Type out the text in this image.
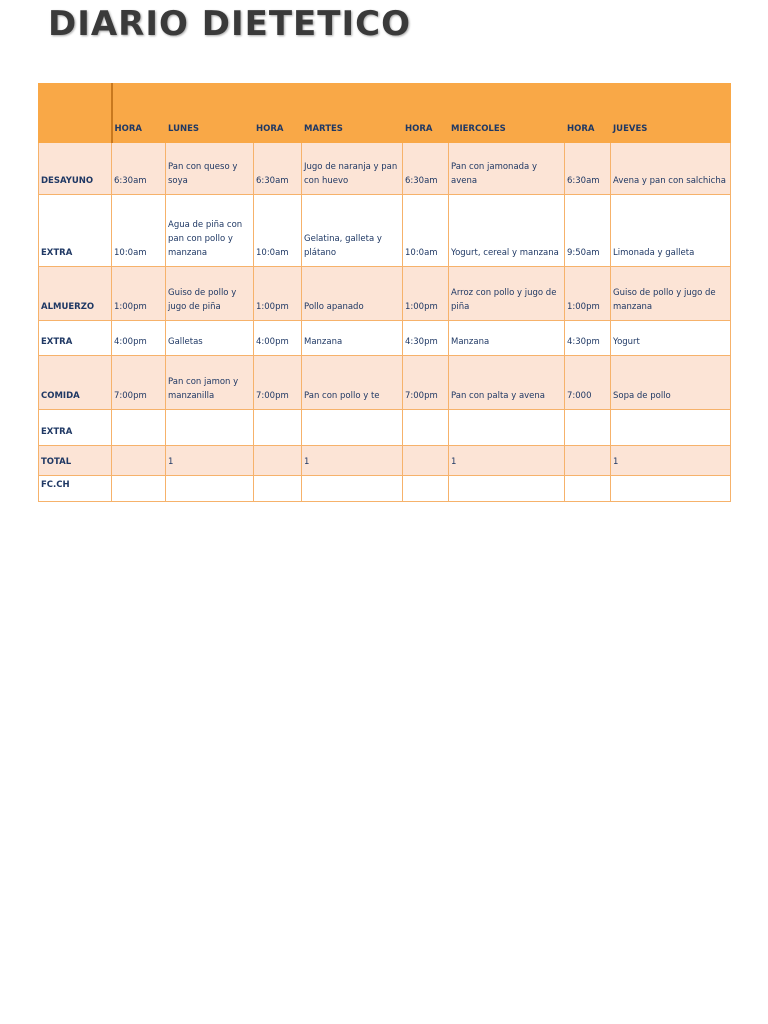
DIARIO DIETETICO
	HORA	LUNES	HORA	MARTES	HORA	MIERCOLES	HORA	JUEVES
DESAYUNO	6:30am	Pan con queso y soya	6:30am	Jugo de naranja y pan con huevo	6:30am	Pan con jamonada y avena	6:30am	Avena y pan con salchicha
EXTRA	10:0am	Agua de piña con pan con pollo y manzana	10:0am	Gelatina, galleta y plátano	10:0am	Yogurt, cereal y manzana	9:50am	Limonada y galleta
ALMUERZO	1:00pm	Guiso de pollo y jugo de piña	1:00pm	Pollo apanado	1:00pm	Arroz con pollo y jugo de piña	1:00pm	Guiso de pollo y jugo de manzana
EXTRA	4:00pm	Galletas	4:00pm	Manzana	4:30pm	Manzana	4:30pm	Yogurt
COMIDA	7:00pm	Pan con jamon y manzanilla	7:00pm	Pan con pollo y te	7:00pm	Pan con palta y avena	7:000	Sopa de pollo
EXTRA								
TOTAL		1		1		1		1
FC.CH								
